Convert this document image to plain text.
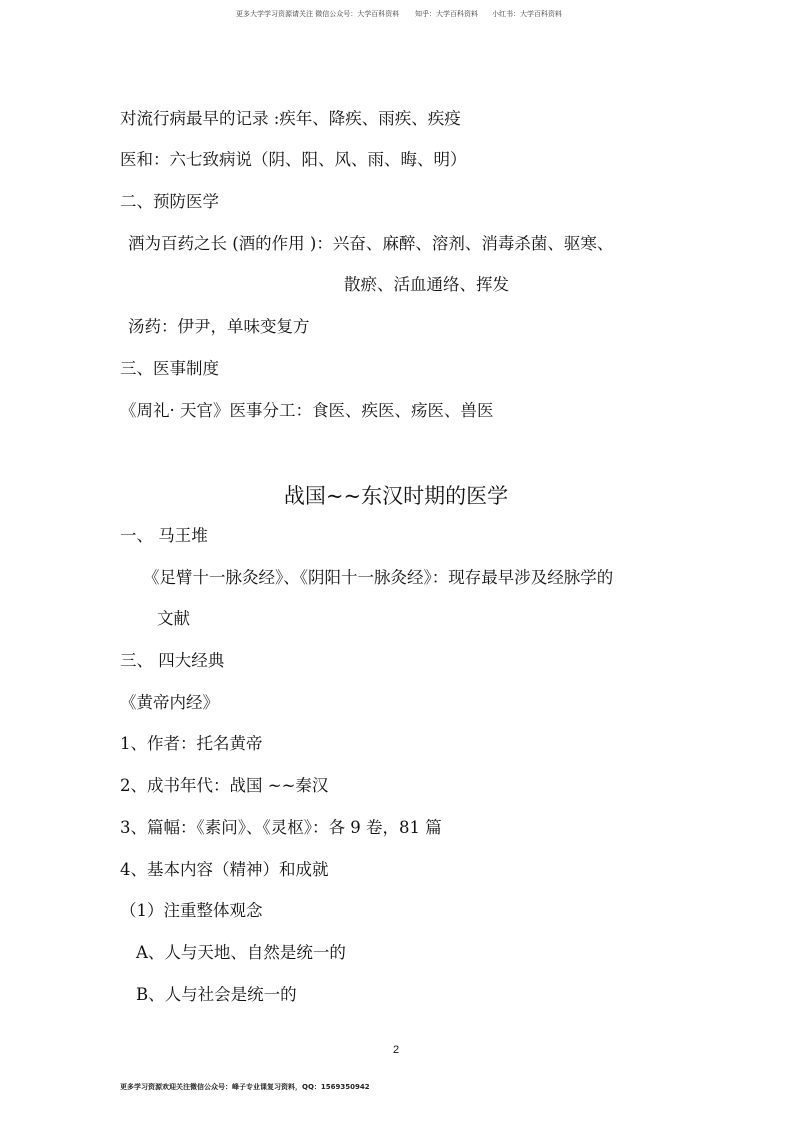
更多大学学习资源请关注 微信公众号：大学百科资料 知乎：大学百科资料 小红书：大学百科资料
对流行病最早的记录 :疾年、降疾、雨疾、疾疫
医和：六七致病说（阴、阳、风、雨、晦、明）
二、预防医学
酒为百药之长 (酒的作用 )：兴奋、麻醉、溶剂、消毒杀菌、驱寒、
散瘀、活血通络、挥发
汤药：伊尹，单味变复方
三、医事制度
《周礼· 天官》医事分工：食医、疾医、疡医、兽医
战国~~东汉时期的医学
一、 马王堆
《足臂十一脉灸经》、《阴阳十一脉灸经》：现存最早涉及经脉学的
文献
三、 四大经典
《黄帝内经》
1、作者：托名黄帝
2、成书年代：战国 ~~秦汉
3、篇幅：《素问》、《灵枢》：各 9 卷，81 篇
4、基本内容（精神）和成就
（1）注重整体观念
A、人与天地、自然是统一的
B、人与社会是统一的
2
更多学习资源欢迎关注微信公众号：峰子专业课复习资料，QQ：1569350942
